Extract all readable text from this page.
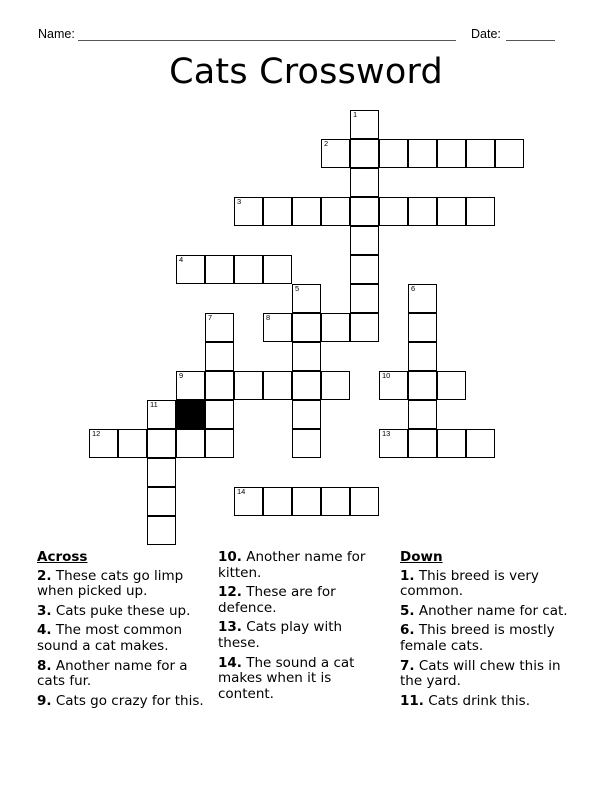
Name:	Date:
Cats Crossword
1
2
3
4
5	6
7	8
9	10
11
12	13
14
Across

2. These cats go limp when picked up.

3. Cats puke these up.

4. The most common sound a cat makes.

8. Another name for a cats fur.

9. Cats go crazy for this.

10. Another name for kitten.

12. These are for defence.

13. Cats play with these.

14. The sound a cat makes when it is content.

Down

1. This breed is very common.

5. Another name for cat.

6. This breed is mostly female cats.

7. Cats will chew this in the yard.

11. Cats drink this.
